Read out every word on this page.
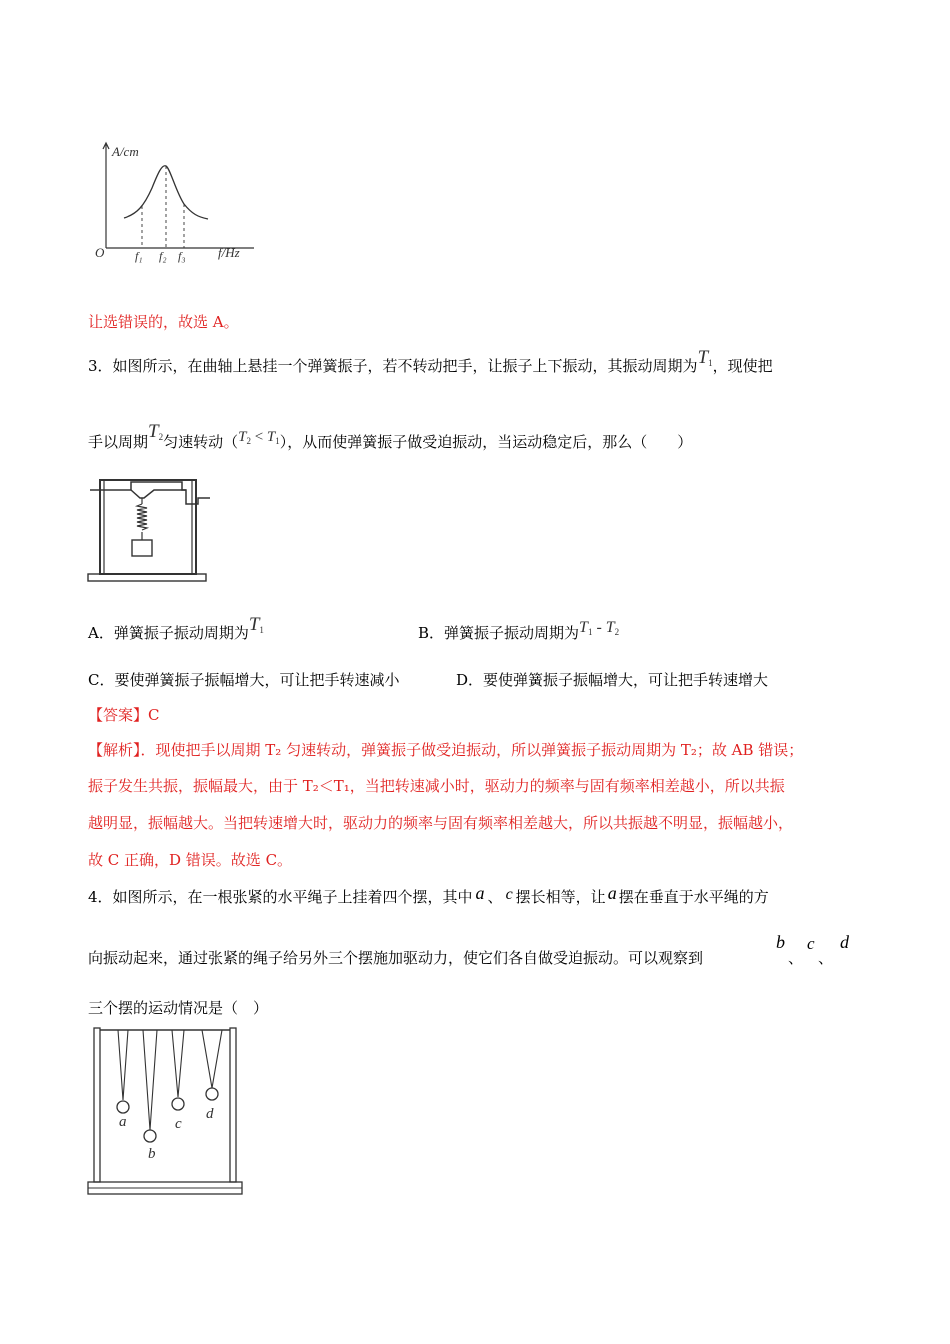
A/cm
O	f₁ f₂ f₃ f/Hz
让选错误的，故选 A。
3．如图所示，在曲轴上悬挂一个弹簧振子，若不转动把手，让振子上下振动，其振动周期为$T_1$，现使把
手以周期$T_2$匀速转动$(T_2 < T_1)$，从而使弹簧振子做受迫振动，当运动稳定后，那么（　　）
A．弹簧振子振动周期为$T_1$	B．弹簧振子振动周期为$T_1 - T_2$
C．要使弹簧振子振幅增大，可让把手转速减小	D．要使弹簧振子振幅增大，可让把手转速增大
【答案】C
【解析】．现使把手以周期 T₂ 匀速转动，弹簧振子做受迫振动，所以弹簧振子振动周期为 T₂；故 AB 错误；
振子发生共振，振幅最大，由于 T₂＜T₁，当把转速减小时，驱动力的频率与固有频率相差越小，所以共振
越明显，振幅越大。当把转速增大时，驱动力的频率与固有频率相差越大，所以共振越不明显，振幅越小，
故 C 正确，D 错误。故选 C。
4．如图所示，在一根张紧的水平绳子上挂着四个摆，其中 a 、 c 摆长相等，让 a 摆在垂直于水平绳的方
向振动起来，通过张紧的绳子给另外三个摆施加驱动力，使它们各自做受迫振动。可以观察到
b
、
c
、
d
三个摆的运动情况是（　）
a
b
c
d
